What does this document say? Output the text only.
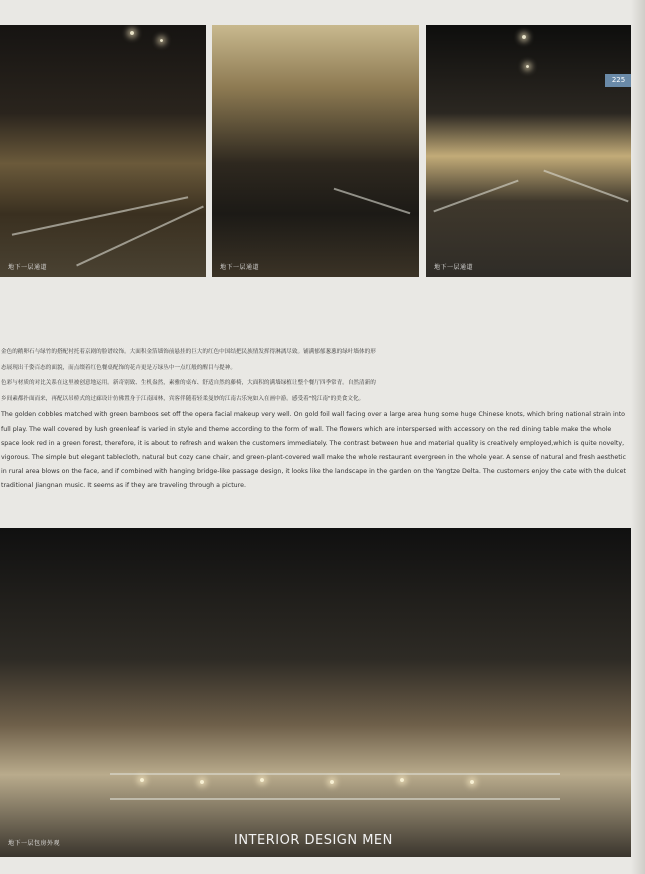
地下一层通道	地下一层通道	地下一层通道
225
金色的鹅卵石与绿竹的搭配衬托着京剧的脸谱纹饰。大面积金箔墙饰前悬挂的巨大的红色中国结把民族情发挥得淋漓尽致。铺满郁郁葱葱的绿叶墙体的形
态展现出千姿百态的面貌，而点缀着红色餐桌配饰的花卉更是万绿丛中一点红般的醒目与提神。
色彩与材质的对比关系在这里被创意地运用。新奇别致、生机盎然，素雅的桌布、舒适自然的藤椅，大面积的满墙绿植让整个餐厅四季常青。自然清新的
乡间素都扑面而来，再配以吊桥式的过廊设计仿佛置身于江南园林，宾客伴随着轻柔曼妙的江南古乐宛如入在画中游。感受着"悦江南"的美食文化。
The golden cobbles matched with green bamboos set off the opera facial makeup very well. On gold foil wall facing over a large area hung some huge Chinese knots, which bring national strain into full play. The wall covered by lush greenleaf is varied in style and theme according to the form of wall. The flowers which are interspersed with accessory on the red dining table make the whole space look red in a green forest, therefore, it is about to refresh and waken the customers immediately. The contrast between hue and material quality is creatively employed,which is quite novelty, vigorous. The simple but elegant tablecloth, natural but cozy cane chair, and green-plant-covered wall make the whole restaurant evergreen in the whole year. A sense of natural and fresh aesthetic in rural area blows on the face, and if combined with hanging bridge-like passage design, it looks like the landscape in the garden on the Yangtze Delta. The customers enjoy the cate with the dulcet traditional Jiangnan music. It seems as if they are traveling through a picture.
地下一层包房外观	INTERIOR DESIGN MEN
